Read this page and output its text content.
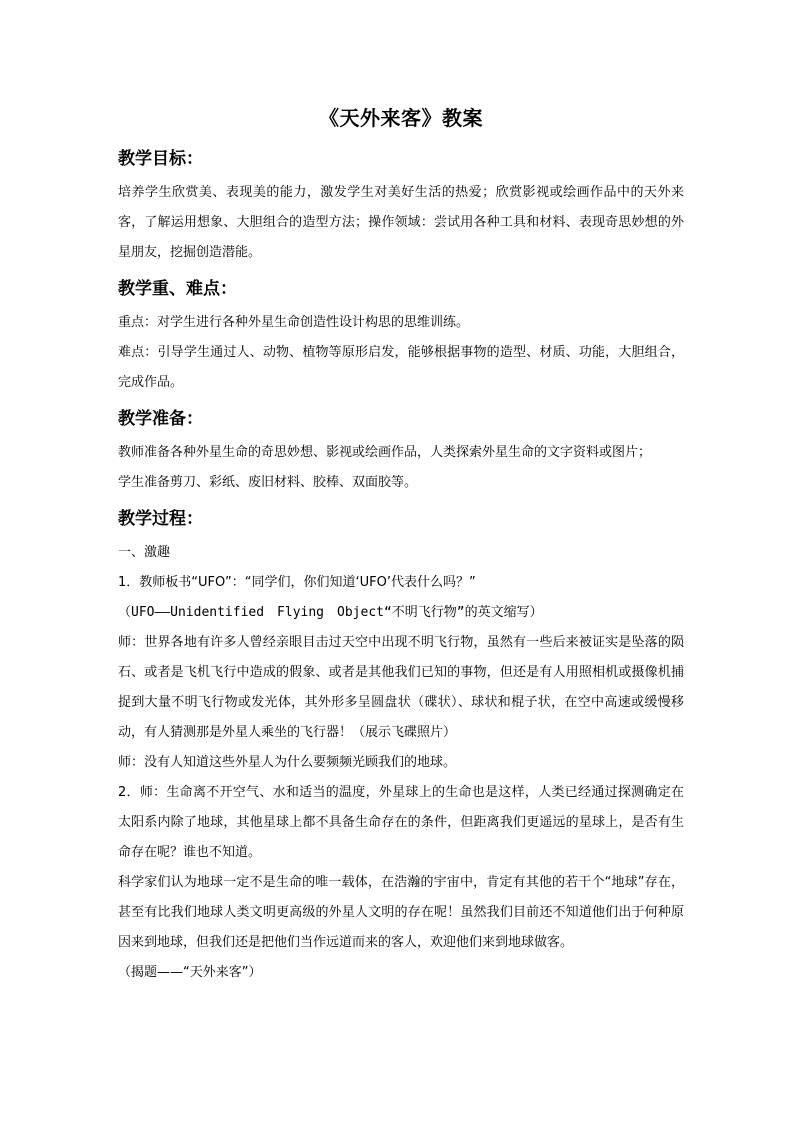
《天外来客》教案
教学目标：

培养学生欣赏美、表现美的能力，激发学生对美好生活的热爱；欣赏影视或绘画作品中的天外来客，了解运用想象、大胆组合的造型方法；操作领域：尝试用各种工具和材料、表现奇思妙想的外星朋友，挖掘创造潜能。

教学重、难点：

重点：对学生进行各种外星生命创造性设计构思的思维训练。

难点：引导学生通过人、动物、植物等原形启发，能够根据事物的造型、材质、功能，大胆组合，完成作品。

教学准备：

教师准备各种外星生命的奇思妙想、影视或绘画作品，人类探索外星生命的文字资料或图片；

学生准备剪刀、彩纸、废旧材料、胶棒、双面胶等。

教学过程：

一、激趣

1．教师板书“UFO”：“同学们，你们知道‘UFO’代表什么吗？”

（UFO——Unidentified　Flying　Object“不明飞行物”的英文缩写）

师：世界各地有许多人曾经亲眼目击过天空中出现不明飞行物，虽然有一些后来被证实是坠落的陨石、或者是飞机飞行中造成的假象、或者是其他我们已知的事物，但还是有人用照相机或摄像机捕捉到大量不明飞行物或发光体，其外形多呈圆盘状（碟状）、球状和棍子状，在空中高速或缓慢移动，有人猜测那是外星人乘坐的飞行器！（展示飞碟照片）

师：没有人知道这些外星人为什么要频频光顾我们的地球。

2．师：生命离不开空气、水和适当的温度，外星球上的生命也是这样，人类已经通过探测确定在太阳系内除了地球，其他星球上都不具备生命存在的条件，但距离我们更遥远的星球上，是否有生命存在呢？谁也不知道。

科学家们认为地球一定不是生命的唯一载体，在浩瀚的宇宙中，肯定有其他的若干个“地球”存在，甚至有比我们地球人类文明更高级的外星人文明的存在呢！虽然我们目前还不知道他们出于何种原因来到地球，但我们还是把他们当作远道而来的客人，欢迎他们来到地球做客。

（揭题——“天外来客”）
